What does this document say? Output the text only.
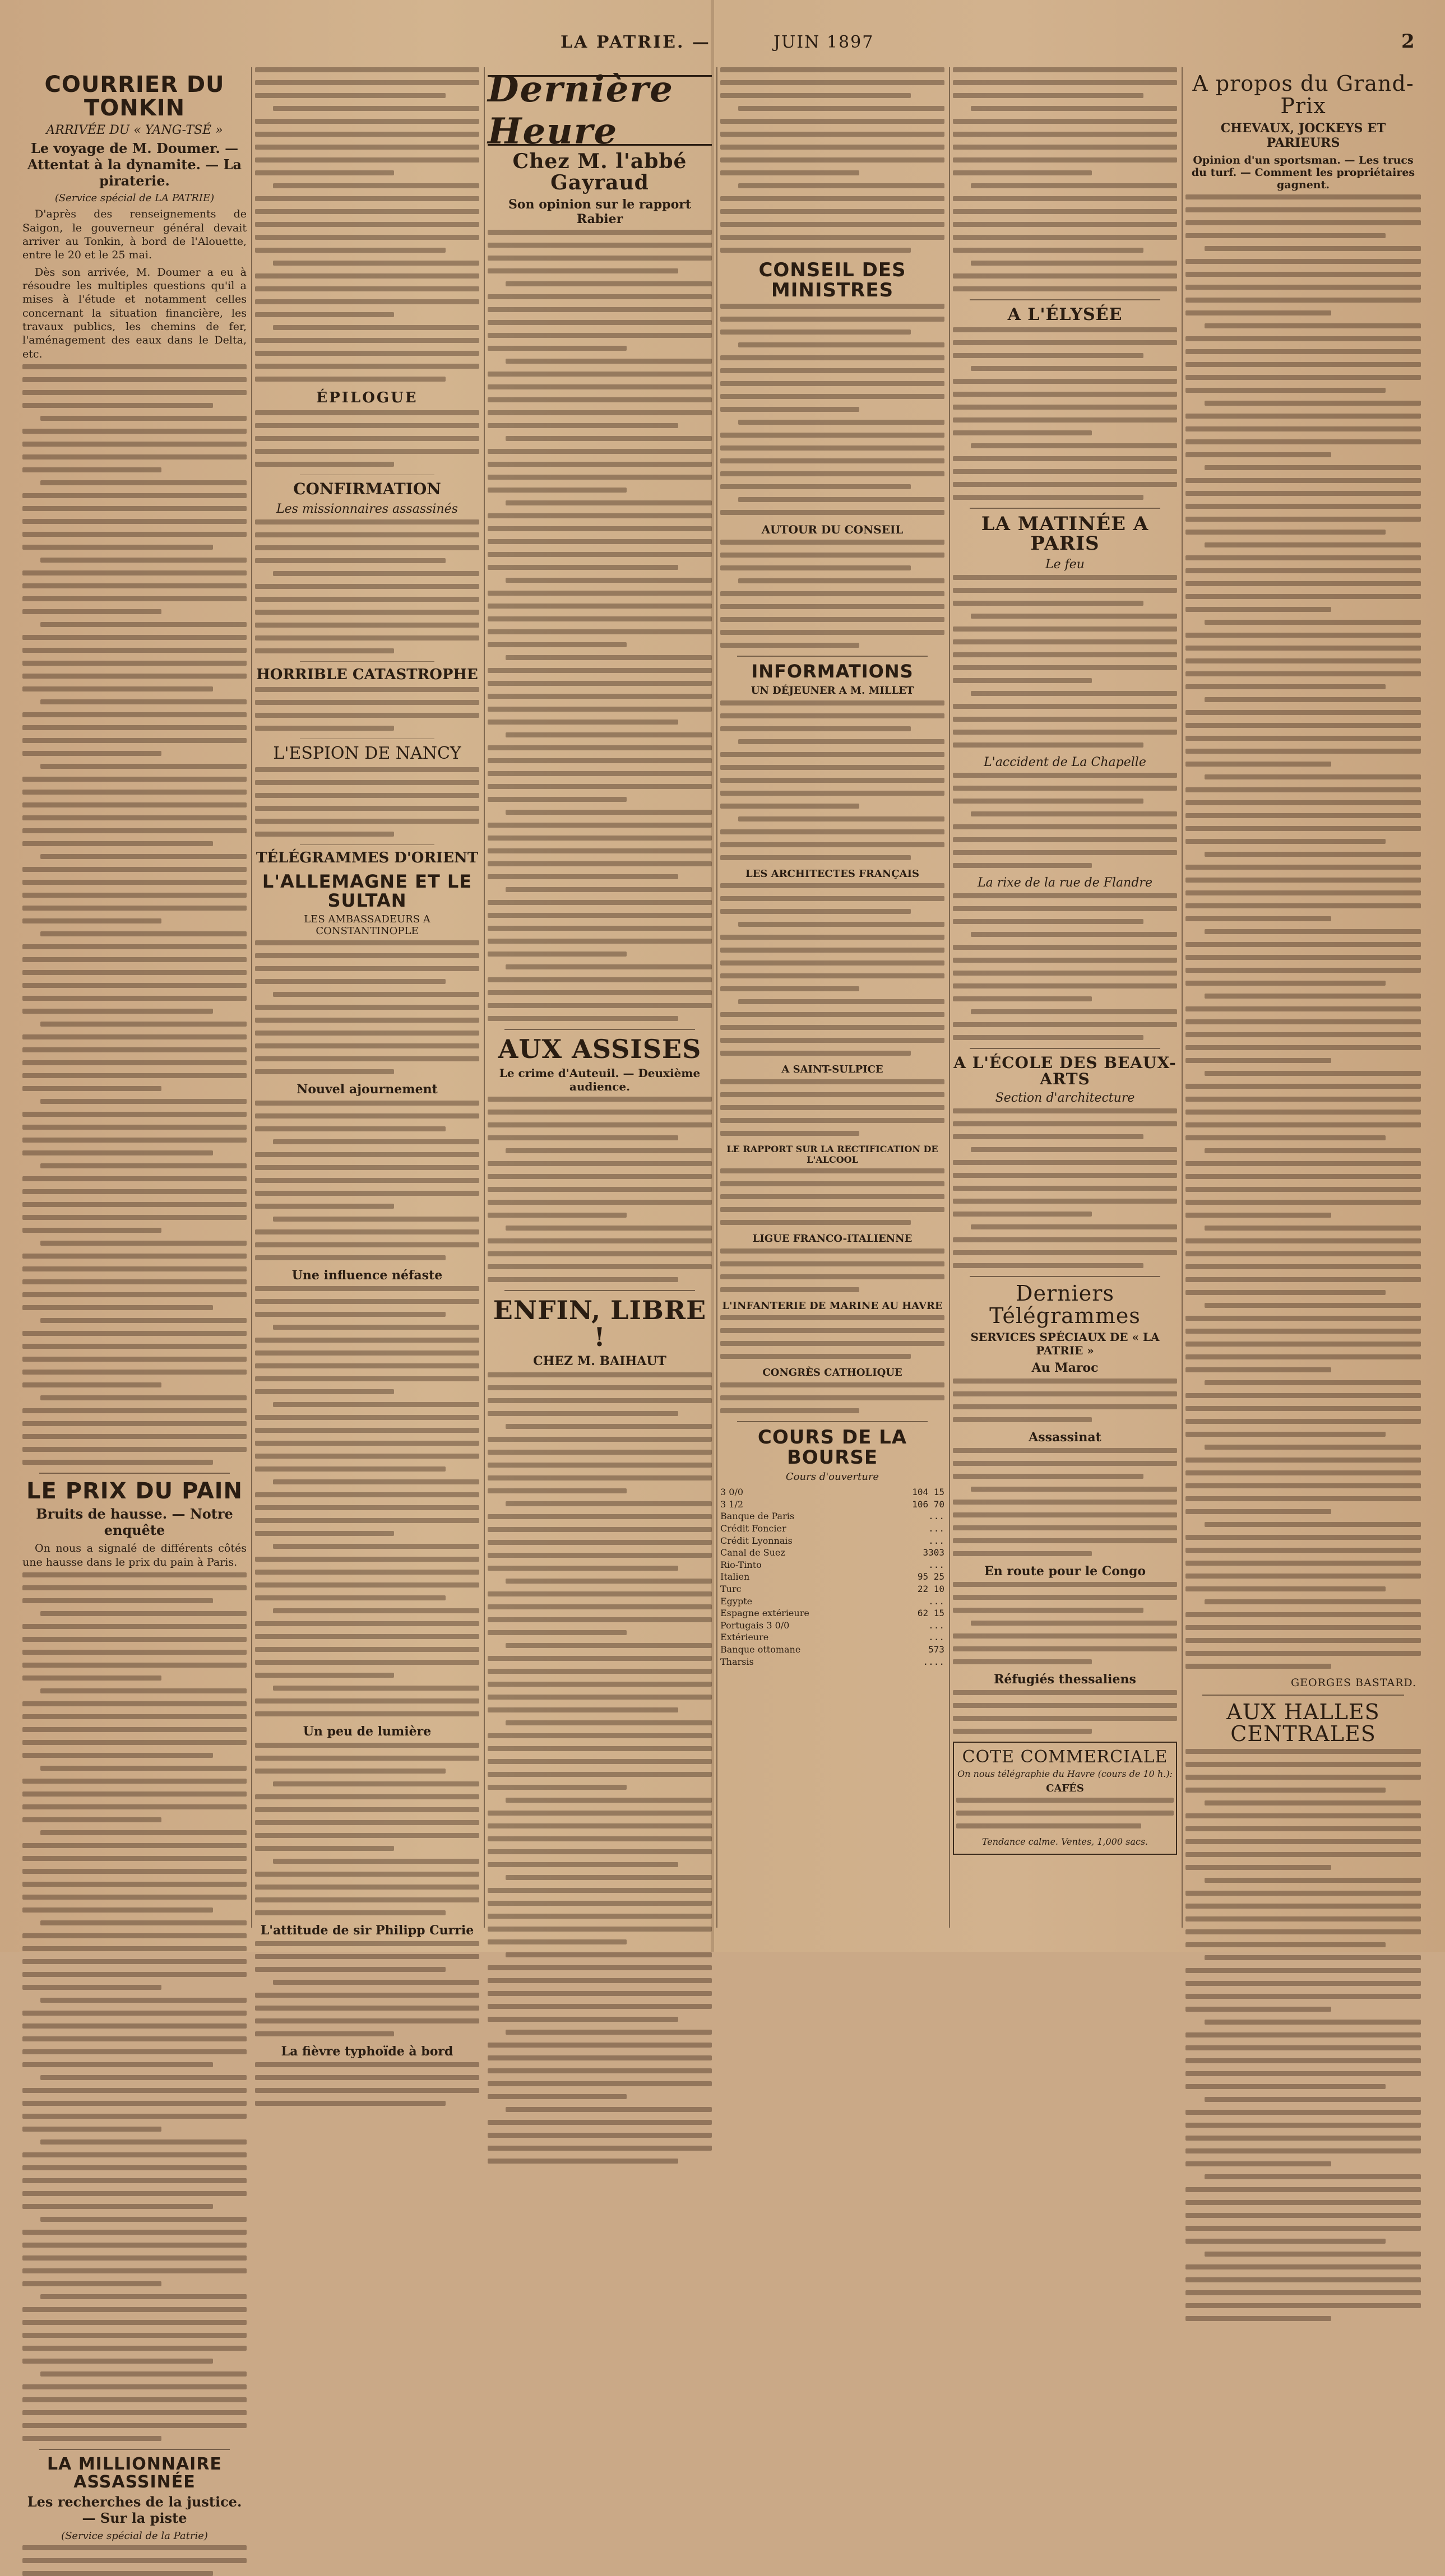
LA PATRIE. —	JUIN 1897	2
COURRIER DU TONKIN
ARRIVÉE DU « YANG-TSÉ »
Le voyage de M. Doumer. — Attentat à la dynamite. — La piraterie.
(Service spécial de LA PATRIE)

D'après des renseignements de Saigon, le gouverneur général devait arriver au Tonkin, à bord de l'Alouette, entre le 20 et le 25 mai.

Dès son arrivée, M. Doumer a eu à résoudre les multiples questions qu'il a mises à l'étude et notamment celles concernant la situation financière, les travaux publics, les chemins de fer, l'aménagement des eaux dans le Delta, etc.

LE PRIX DU PAIN
Bruits de hausse. — Notre enquête

On nous a signalé de différents côtés une hausse dans le prix du pain à Paris.

LA MILLIONNAIRE ASSASSINÉE
Les recherches de la justice. — Sur la piste
(Service spécial de la Patrie)
ÉPILOGUE
CONFIRMATION
Les missionnaires assassinés
HORRIBLE CATASTROPHE
L'ESPION DE NANCY
TÉLÉGRAMMES D'ORIENT
L'ALLEMAGNE ET LE SULTAN
LES AMBASSADEURS A CONSTANTINOPLE
Nouvel ajournement
Une influence néfaste
Un peu de lumière
L'attitude de sir Philipp Currie
La fièvre typhoïde à bord
Dernière Heure
Chez M. l'abbé Gayraud
Son opinion sur le rapport Rabier
AUX ASSISES
Le crime d'Auteuil. — Deuxième audience.
ENFIN, LIBRE !
CHEZ M. BAIHAUT
CONSEIL DES MINISTRES
AUTOUR DU CONSEIL
INFORMATIONS
UN DÉJEUNER A M. MILLET
LES ARCHITECTES FRANÇAIS
A SAINT-SULPICE
LE RAPPORT SUR LA RECTIFICATION DE L'ALCOOL
LIGUE FRANCO-ITALIENNE
L'INFANTERIE DE MARINE AU HAVRE
CONGRÈS CATHOLIQUE
COURS DE LA BOURSE
Cours d'ouverture
3 0/0	104 15
3 1/2	106 70
Banque de Paris	...
Crédit Foncier	...
Crédit Lyonnais	...
Canal de Suez	3303
Rio-Tinto	...
Italien	95 25
Turc	22 10
Egypte	...
Espagne extérieure	62 15
Portugais 3 0/0	...
Extérieure	...
Banque ottomane	573
Tharsis	....
A L'ÉLYSÉE
LA MATINÉE A PARIS
Le feu
L'accident de La Chapelle
La rixe de la rue de Flandre
A L'ÉCOLE DES BEAUX-ARTS
Section d'architecture
Derniers Télégrammes
SERVICES SPÉCIAUX DE « LA PATRIE »
Au Maroc
Assassinat
En route pour le Congo
Réfugiés thessaliens
COTE COMMERCIALE
On nous télégraphie du Havre (cours de 10 h.):
CAFÉS
Tendance calme. Ventes, 1,000 sacs.
A propos du Grand-Prix
CHEVAUX, JOCKEYS ET PARIEURS
Opinion d'un sportsman. — Les trucs du turf. — Comment les propriétaires gagnent.
GEORGES BASTARD.
AUX HALLES CENTRALES
